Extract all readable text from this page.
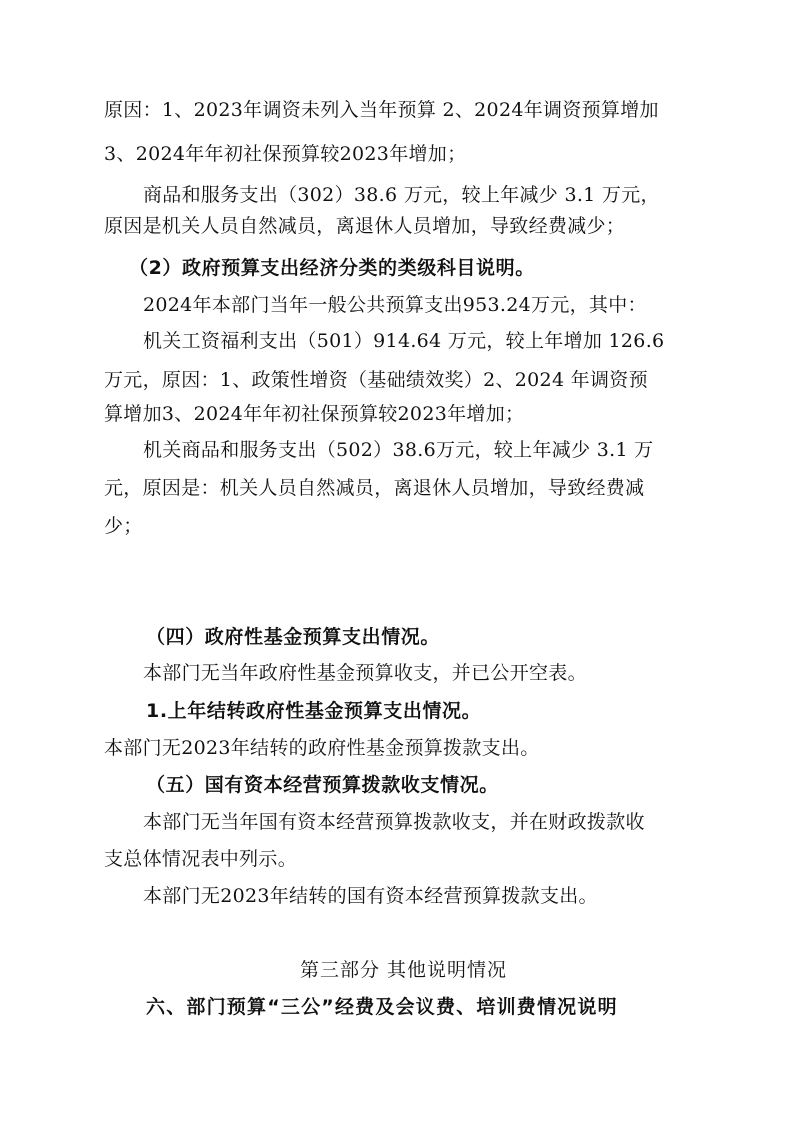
原因：1、2023年调资未列入当年预算 2、2024年调资预算增加
3、2024年年初社保预算较2023年增加；
商品和服务支出（302）38.6 万元，较上年减少 3.1 万元，
原因是机关人员自然减员，离退休人员增加，导致经费减少；
（2）政府预算支出经济分类的类级科目说明。
2024年本部门当年一般公共预算支出953.24万元，其中：
机关工资福利支出（501）914.64 万元，较上年增加 126.6
万元，原因：1、政策性增资（基础绩效奖）2、2024 年调资预
算增加3、2024年年初社保预算较2023年增加；
机关商品和服务支出（502）38.6万元，较上年减少 3.1 万
元，原因是：机关人员自然减员，离退休人员增加，导致经费减
少；
（四）政府性基金预算支出情况。
本部门无当年政府性基金预算收支，并已公开空表。
1.上年结转政府性基金预算支出情况。
本部门无2023年结转的政府性基金预算拨款支出。
（五）国有资本经营预算拨款收支情况。
本部门无当年国有资本经营预算拨款收支，并在财政拨款收
支总体情况表中列示。
本部门无2023年结转的国有资本经营预算拨款支出。
第三部分 其他说明情况
六、部门预算“三公”经费及会议费、培训费情况说明
